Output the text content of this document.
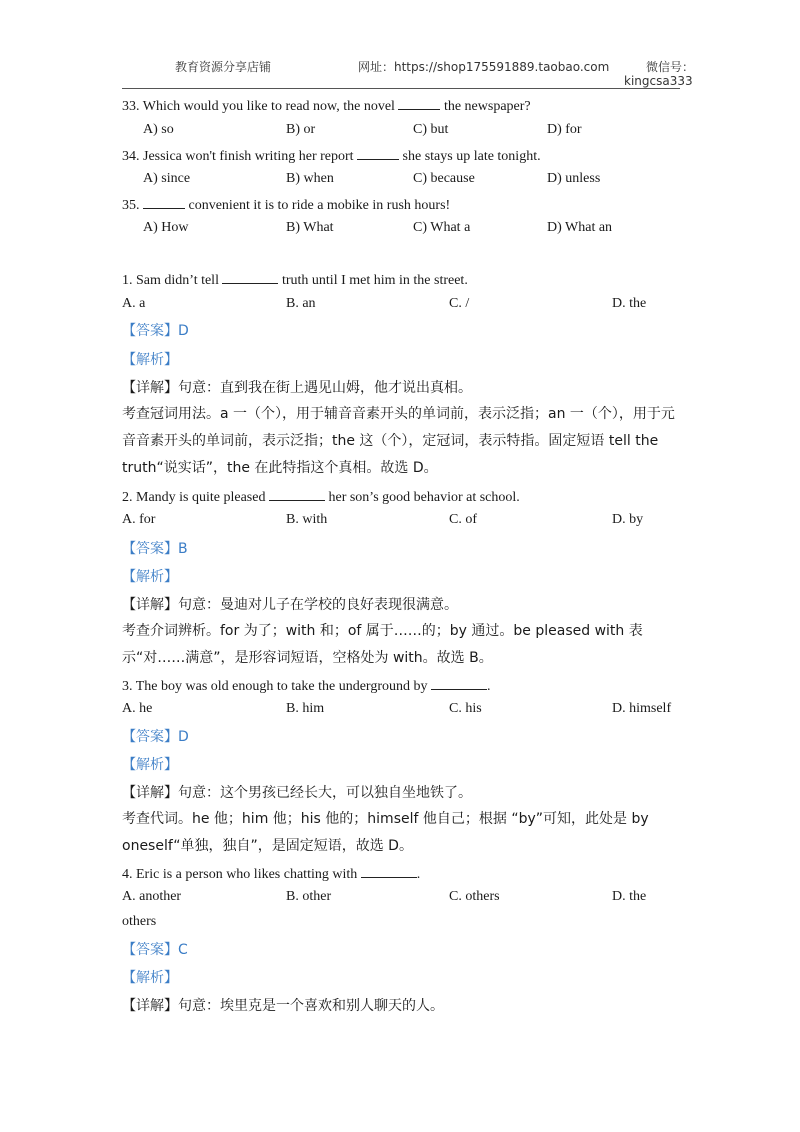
教育资源分享店铺	网址：https://shop175591889.taobao.com	微信号：
kingcsa333
33. Which would you like to read now, the novel	the newspaper?
A) so	B) or	C) but	D) for
34. Jessica won't finish writing her report	she stays up late tonight.
A) since	B) when	C) because	D) unless
35.	convenient it is to ride a mobike in rush hours!
A) How	B) What	C) What a	D) What an
1. Sam didn’t tell	truth until I met him in the street.
A. a	B. an	C. /	D. the
【答案】D
【解析】
【详解】句意：直到我在街上遇见山姆，他才说出真相。
考查冠词用法。a 一（个），用于辅音音素开头的单词前，表示泛指；an 一（个），用于元音音素开头的单词前，表示泛指；the 这（个），定冠词，表示特指。固定短语 tell the truth“说实话”，the 在此特指这个真相。故选 D。
2. Mandy is quite pleased	her son’s good behavior at school.
A. for	B. with	C. of	D. by
【答案】B
【解析】
【详解】句意：曼迪对儿子在学校的良好表现很满意。
考查介词辨析。for 为了；with 和；of 属于……的；by 通过。be pleased with 表示“对……满意”，是形容词短语，空格处为 with。故选 B。
3. The boy was old enough to take the underground by	.
A. he	B. him	C. his	D. himself
【答案】D
【解析】
【详解】句意：这个男孩已经长大，可以独自坐地铁了。
考查代词。he 他；him 他；his 他的；himself 他自己；根据 “by”可知，此处是 by oneself“单独，独自”，是固定短语，故选 D。
4. Eric is a person who likes chatting with	.
A. another	B. other	C. others	D. the
others
【答案】C
【解析】
【详解】句意：埃里克是一个喜欢和别人聊天的人。
